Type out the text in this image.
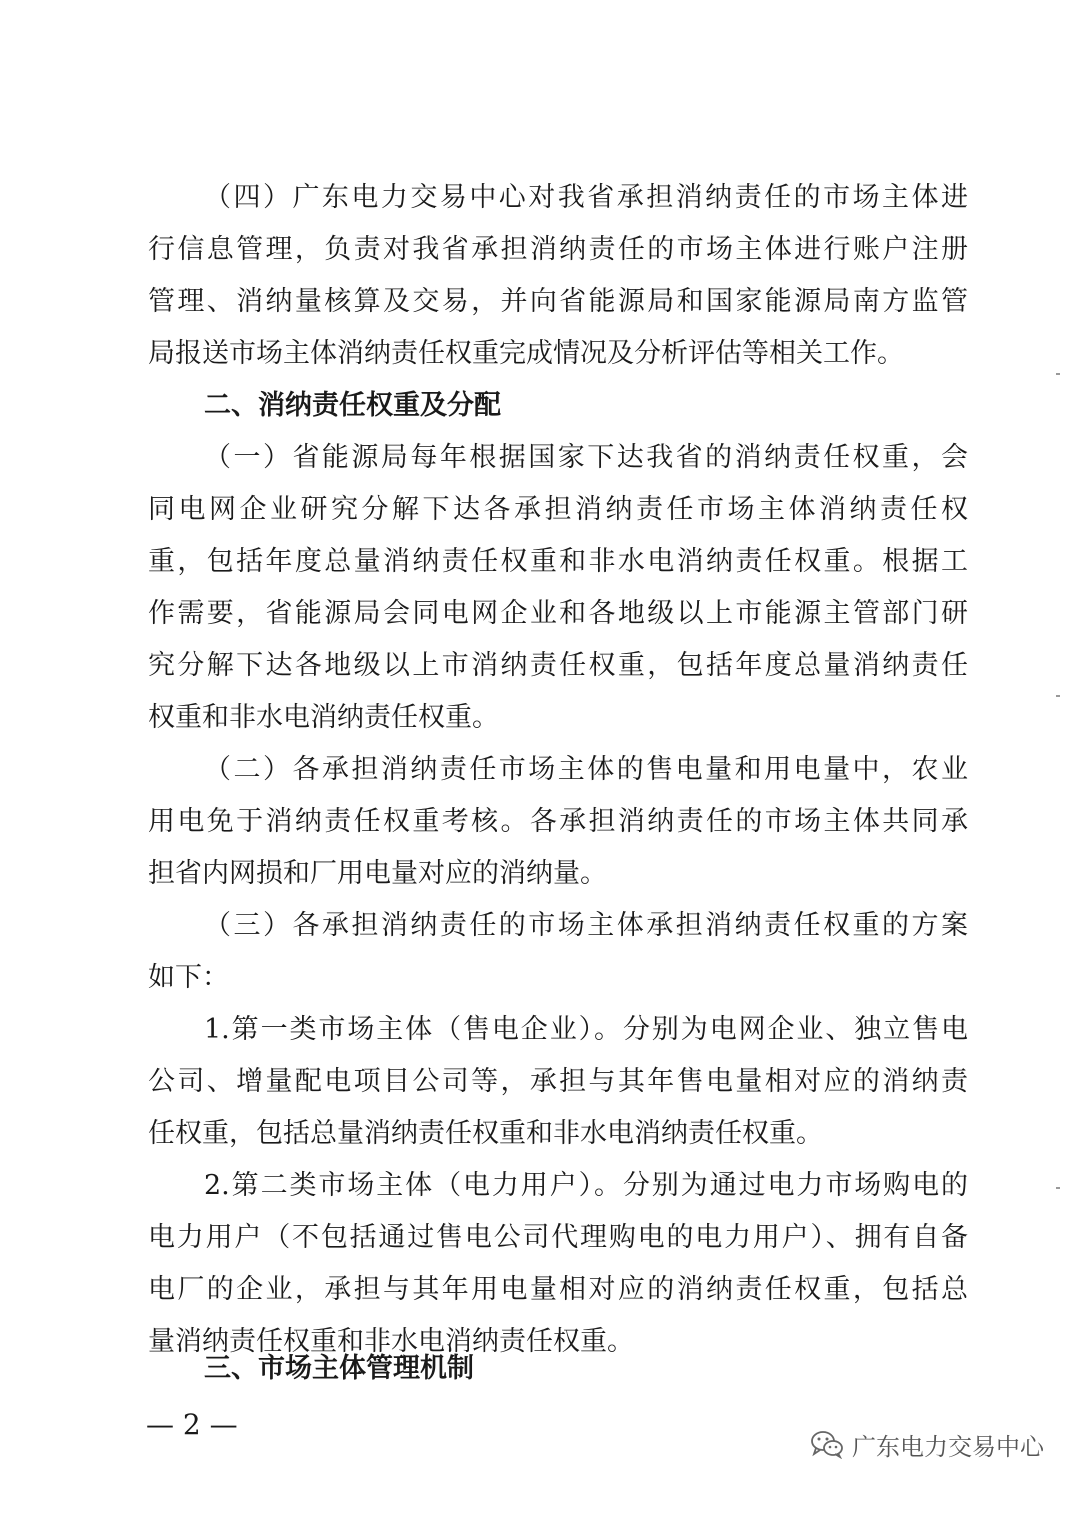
（四）广东电力交易中心对我省承担消纳责任的市场主体进
行信息管理，负责对我省承担消纳责任的市场主体进行账户注册
管理、消纳量核算及交易，并向省能源局和国家能源局南方监管
局报送市场主体消纳责任权重完成情况及分析评估等相关工作。
二、消纳责任权重及分配
（一）省能源局每年根据国家下达我省的消纳责任权重，会
同电网企业研究分解下达各承担消纳责任市场主体消纳责任权
重，包括年度总量消纳责任权重和非水电消纳责任权重。根据工
作需要，省能源局会同电网企业和各地级以上市能源主管部门研
究分解下达各地级以上市消纳责任权重，包括年度总量消纳责任
权重和非水电消纳责任权重。
（二）各承担消纳责任市场主体的售电量和用电量中，农业
用电免于消纳责任权重考核。各承担消纳责任的市场主体共同承
担省内网损和厂用电量对应的消纳量。
（三）各承担消纳责任的市场主体承担消纳责任权重的方案
如下：
1.第一类市场主体（售电企业）。分别为电网企业、独立售电
公司、增量配电项目公司等，承担与其年售电量相对应的消纳责
任权重，包括总量消纳责任权重和非水电消纳责任权重。
2.第二类市场主体（电力用户）。分别为通过电力市场购电的
电力用户（不包括通过售电公司代理购电的电力用户）、拥有自备
电厂的企业，承担与其年用电量相对应的消纳责任权重，包括总
量消纳责任权重和非水电消纳责任权重。
三、市场主体管理机制
— 2 —
广东电力交易中心
